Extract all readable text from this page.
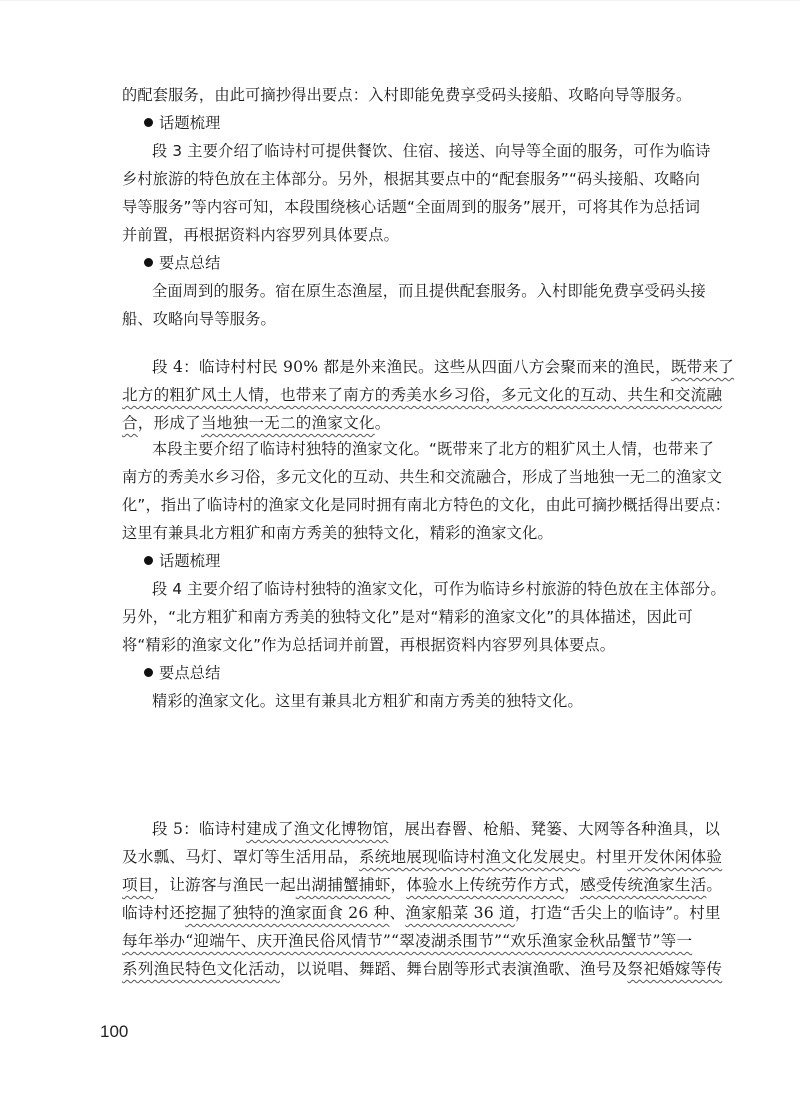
的配套服务，由此可摘抄得出要点：入村即能免费享受码头接船、攻略向导等服务。
话题梳理
段 3 主要介绍了临诗村可提供餐饮、住宿、接送、向导等全面的服务，可作为临诗
乡村旅游的特色放在主体部分。另外，根据其要点中的“配套服务”“码头接船、攻略向
导等服务”等内容可知，本段围绕核心话题“全面周到的服务”展开，可将其作为总括词
并前置，再根据资料内容罗列具体要点。
要点总结
全面周到的服务。宿在原生态渔屋，而且提供配套服务。入村即能免费享受码头接
船、攻略向导等服务。
段 4：临诗村村民 90% 都是外来渔民。这些从四面八方会聚而来的渔民，既带来了
北方的粗犷风土人情，也带来了南方的秀美水乡习俗，多元文化的互动、共生和交流融
合，形成了当地独一无二的渔家文化。
本段主要介绍了临诗村独特的渔家文化。“既带来了北方的粗犷风土人情，也带来了
南方的秀美水乡习俗，多元文化的互动、共生和交流融合，形成了当地独一无二的渔家文
化”，指出了临诗村的渔家文化是同时拥有南北方特色的文化，由此可摘抄概括得出要点：
这里有兼具北方粗犷和南方秀美的独特文化，精彩的渔家文化。
话题梳理
段 4 主要介绍了临诗村独特的渔家文化，可作为临诗乡村旅游的特色放在主体部分。
另外，“北方粗犷和南方秀美的独特文化”是对“精彩的渔家文化”的具体描述，因此可
将“精彩的渔家文化”作为总括词并前置，再根据资料内容罗列具体要点。
要点总结
精彩的渔家文化。这里有兼具北方粗犷和南方秀美的独特文化。
段 5：临诗村建成了渔文化博物馆，展出舂罾、枪船、凳篓、大网等各种渔具，以
及水瓢、马灯、罩灯等生活用品，系统地展现临诗村渔文化发展史。村里开发休闲体验
项目，让游客与渔民一起出湖捕蟹捕虾，体验水上传统劳作方式，感受传统渔家生活。
临诗村还挖掘了独特的渔家面食 26 种、渔家船菜 36 道，打造“舌尖上的临诗”。村里
每年举办“迎端午、庆开渔民俗风情节”“翠凌湖杀围节”“欢乐渔家金秋品蟹节”等一
系列渔民特色文化活动，以说唱、舞蹈、舞台剧等形式表演渔歌、渔号及祭祀婚嫁等传
100
